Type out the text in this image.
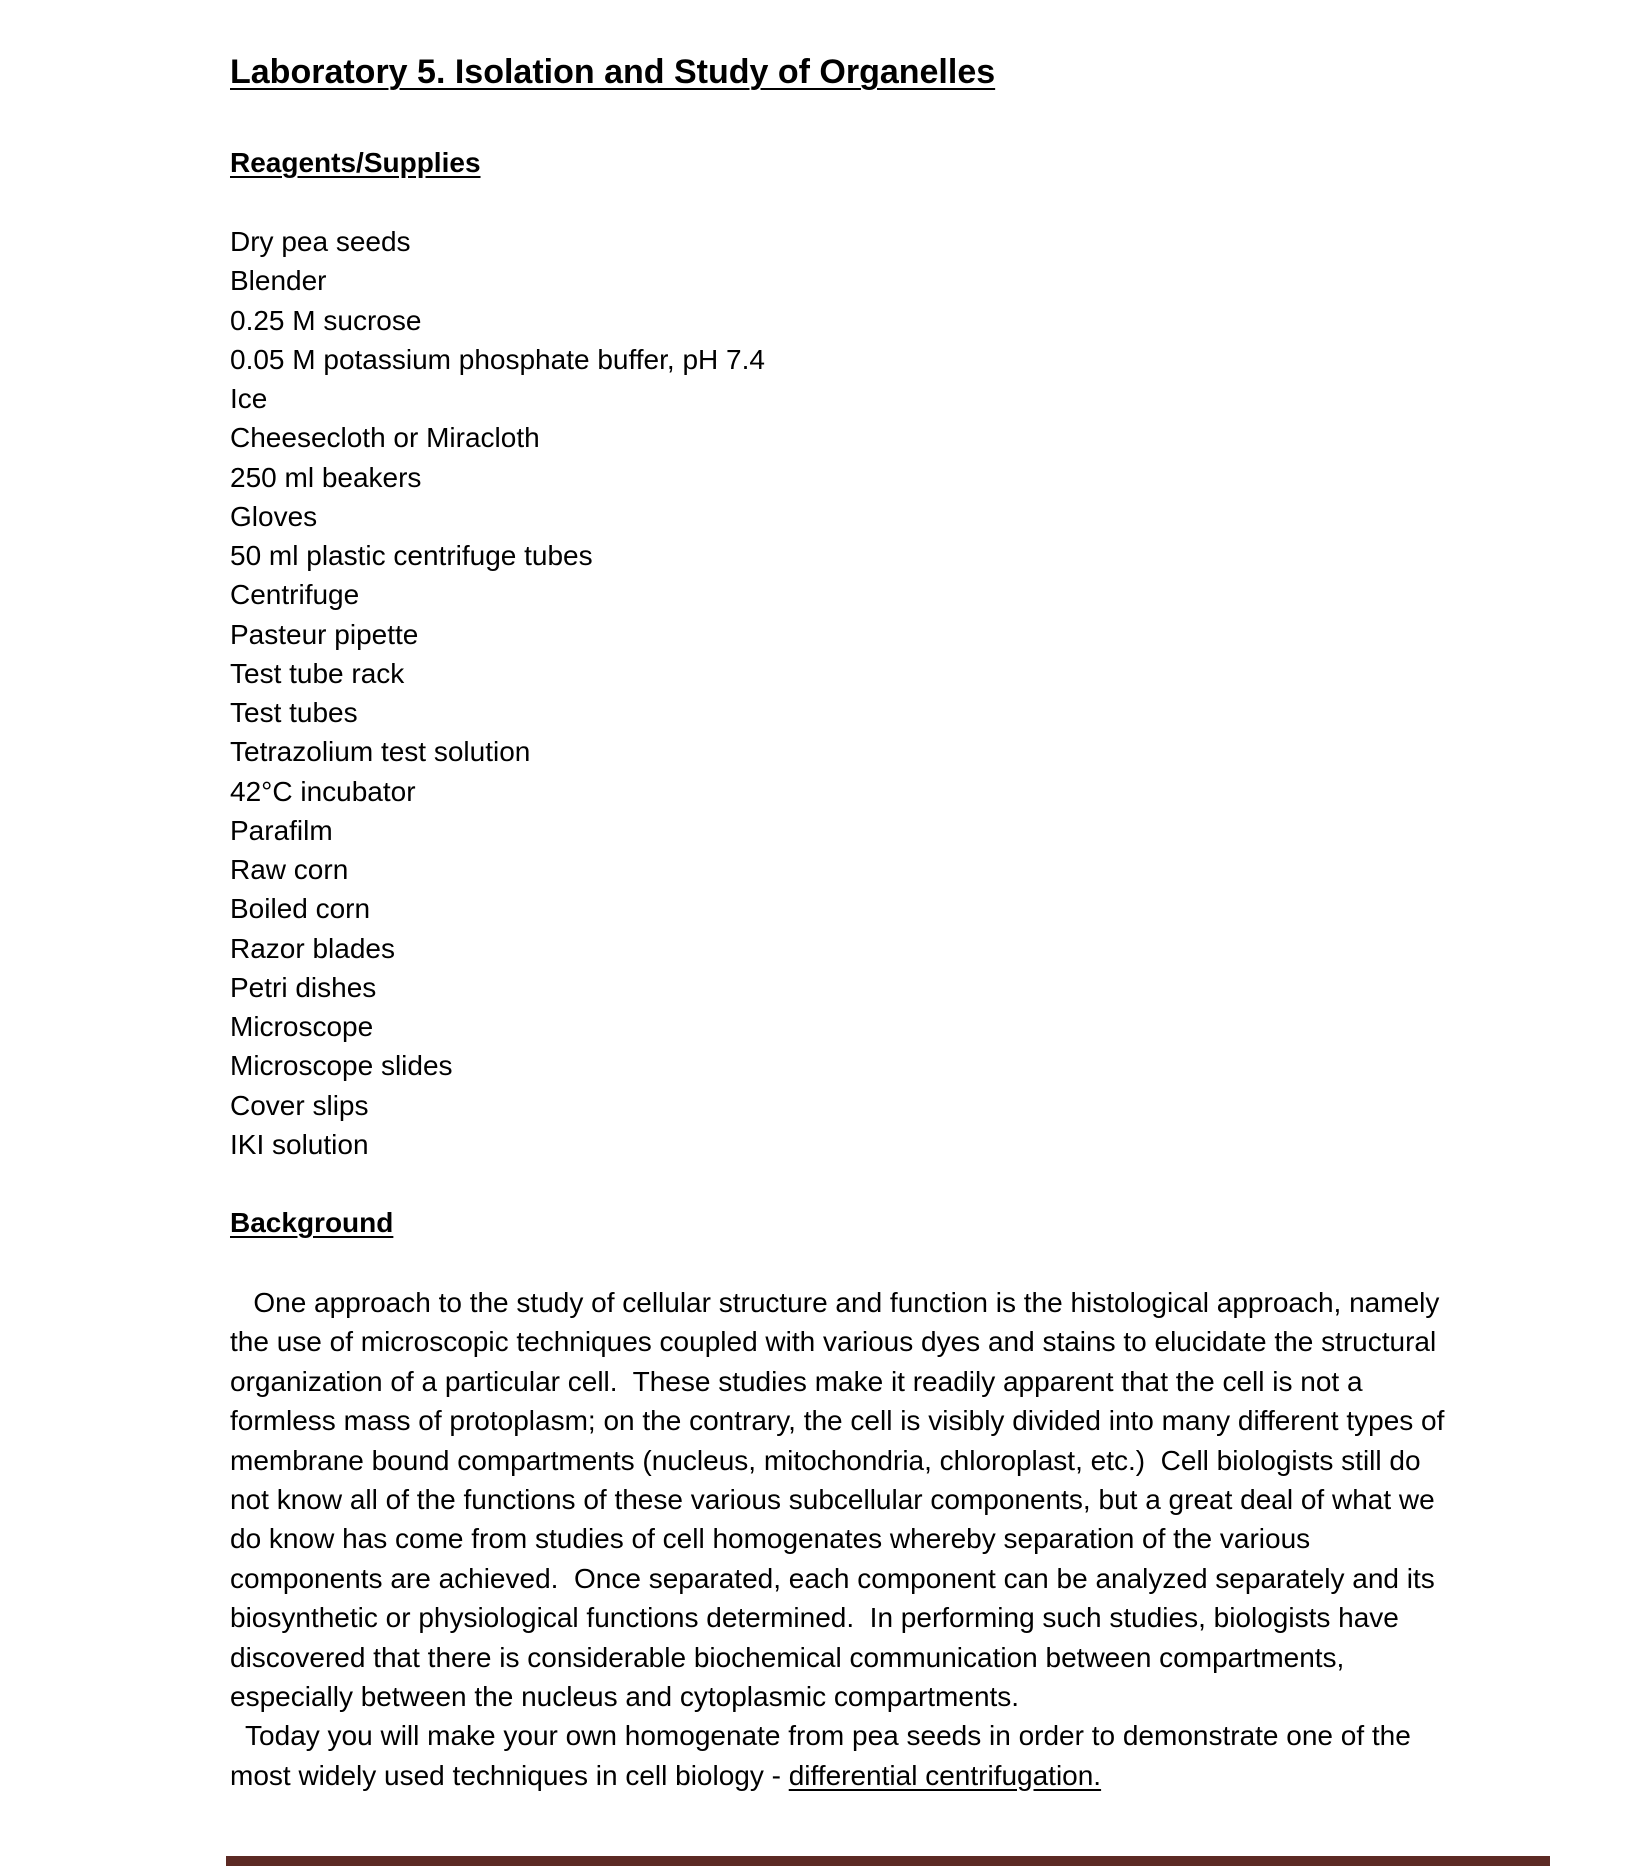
Laboratory 5. Isolation and Study of Organelles
Reagents/Supplies
Dry pea seeds
Blender
0.25 M sucrose
0.05 M potassium phosphate buffer, pH 7.4
Ice
Cheesecloth or Miracloth
250 ml beakers
Gloves
50 ml plastic centrifuge tubes
Centrifuge
Pasteur pipette
Test tube rack
Test tubes
Tetrazolium test solution
42°C incubator
Parafilm
Raw corn
Boiled corn
Razor blades
Petri dishes
Microscope
Microscope slides
Cover slips
IKI solution
Background
One approach to the study of cellular structure and function is the histological approach, namely
the use of microscopic techniques coupled with various dyes and stains to elucidate the structural
organization of a particular cell.  These studies make it readily apparent that the cell is not a
formless mass of protoplasm; on the contrary, the cell is visibly divided into many different types of
membrane bound compartments (nucleus, mitochondria, chloroplast, etc.)  Cell biologists still do
not know all of the functions of these various subcellular components, but a great deal of what we
do know has come from studies of cell homogenates whereby separation of the various
components are achieved.  Once separated, each component can be analyzed separately and its
biosynthetic or physiological functions determined.  In performing such studies, biologists have
discovered that there is considerable biochemical communication between compartments,
especially between the nucleus and cytoplasmic compartments.
Today you will make your own homogenate from pea seeds in order to demonstrate one of the
most widely used techniques in cell biology - differential centrifugation.
